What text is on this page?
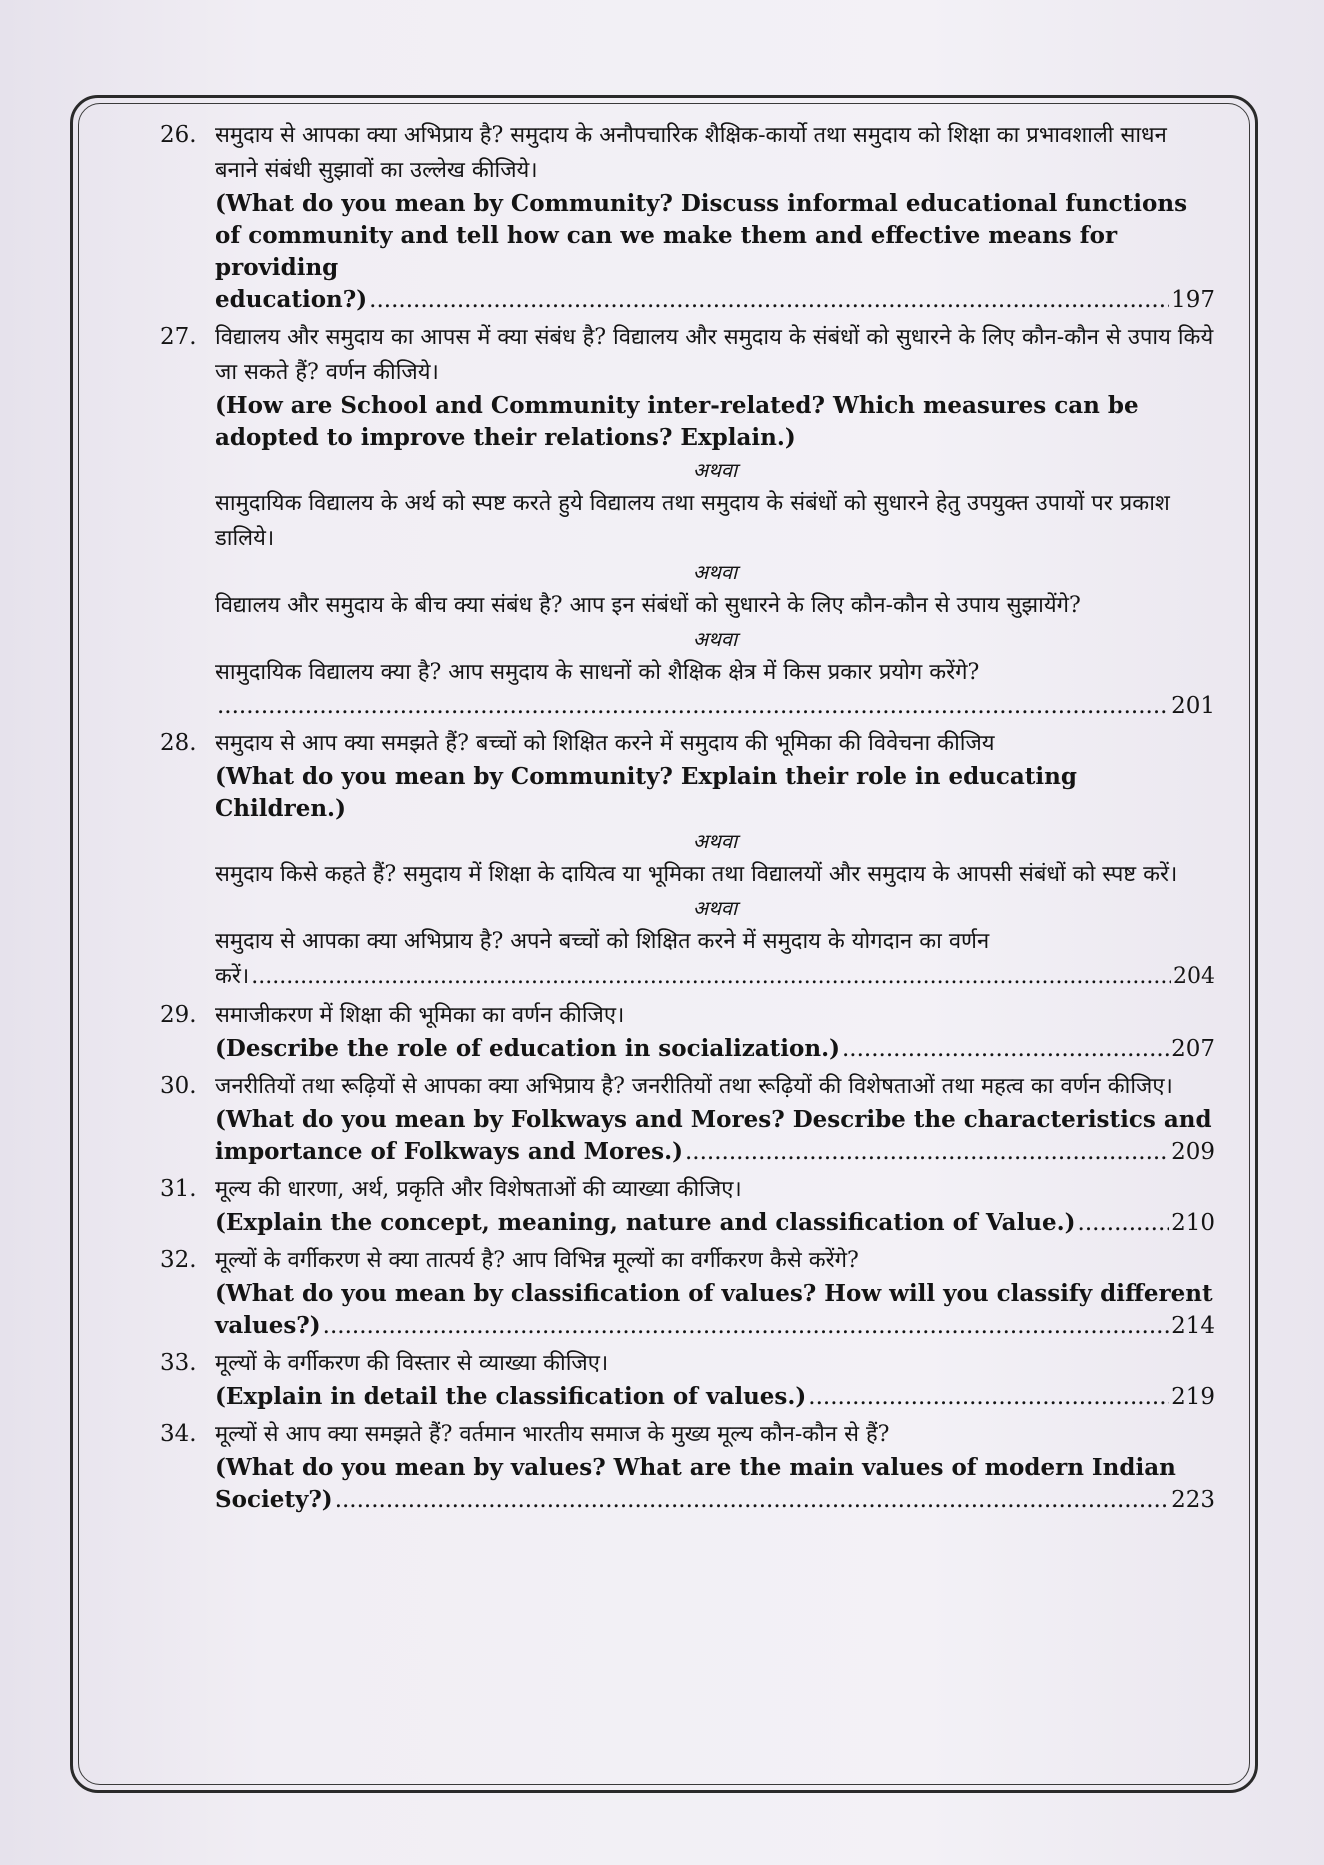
26. समुदाय से आपका क्या अभिप्राय है? समुदाय के अनौपचारिक शैक्षिक-कार्यो तथा समुदाय को शिक्षा का प्रभावशाली साधन बनाने संबंधी सुझावों का उल्लेख कीजिये।
(What do you mean by Community? Discuss informal educational functions of community and tell how can we make them and effective means for providing
education?) .....	197
27. विद्यालय और समुदाय का आपस में क्या संबंध है? विद्यालय और समुदाय के संबंधों को सुधारने के लिए कौन-कौन से उपाय किये जा सकते हैं? वर्णन कीजिये।
(How are School and Community inter-related? Which measures can be adopted to improve their relations? Explain.)
अथवा
सामुदायिक विद्यालय के अर्थ को स्पष्ट करते हुये विद्यालय तथा समुदाय के संबंधों को सुधारने हेतु उपयुक्त उपायों पर प्रकाश डालिये।
अथवा
विद्यालय और समुदाय के बीच क्या संबंध है? आप इन संबंधों को सुधारने के लिए कौन-कौन से उपाय सुझायेंगे?
अथवा
सामुदायिक विद्यालय क्या है? आप समुदाय के साधनों को शैक्षिक क्षेत्र में किस प्रकार प्रयोग करेंगे?
.....
201
28. समुदाय से आप क्या समझते हैं? बच्चों को शिक्षित करने में समुदाय की भूमिका की विवेचना कीजिय
(What do you mean by Community? Explain their role in educating Children.)
अथवा
समुदाय किसे कहते हैं? समुदाय में शिक्षा के दायित्व या भूमिका तथा विद्यालयों और समुदाय के आपसी संबंधों को स्पष्ट करें।
अथवा
समुदाय से आपका क्या अभिप्राय है? अपने बच्चों को शिक्षित करने में समुदाय के योगदान का वर्णन
करें। .....	204
29. समाजीकरण में शिक्षा की भूमिका का वर्णन कीजिए।
(Describe the role of education in socialization.) .....	207
30. जनरीतियों तथा रूढ़ियों से आपका क्या अभिप्राय है? जनरीतियों तथा रूढ़ियों की विशेषताओं तथा महत्व का वर्णन कीजिए।
(What do you mean by Folkways and Mores? Describe the characteristics and
importance of Folkways and Mores.) .....	209
31. मूल्य की धारणा, अर्थ, प्रकृति और विशेषताओं की व्याख्या कीजिए।
(Explain the concept, meaning, nature and classification of Value.) .....	210
32. मूल्यों के वर्गीकरण से क्या तात्पर्य है? आप विभिन्न मूल्यों का वर्गीकरण कैसे करेंगे?
(What do you mean by classification of values? How will you classify different
values?) .....	214
33. मूल्यों के वर्गीकरण की विस्तार से व्याख्या कीजिए।
(Explain in detail the classification of values.) .....	219
34. मूल्यों से आप क्या समझते हैं? वर्तमान भारतीय समाज के मुख्य मूल्य कौन-कौन से हैं?
(What do you mean by values? What are the main values of modern Indian
Society?) .....	223
